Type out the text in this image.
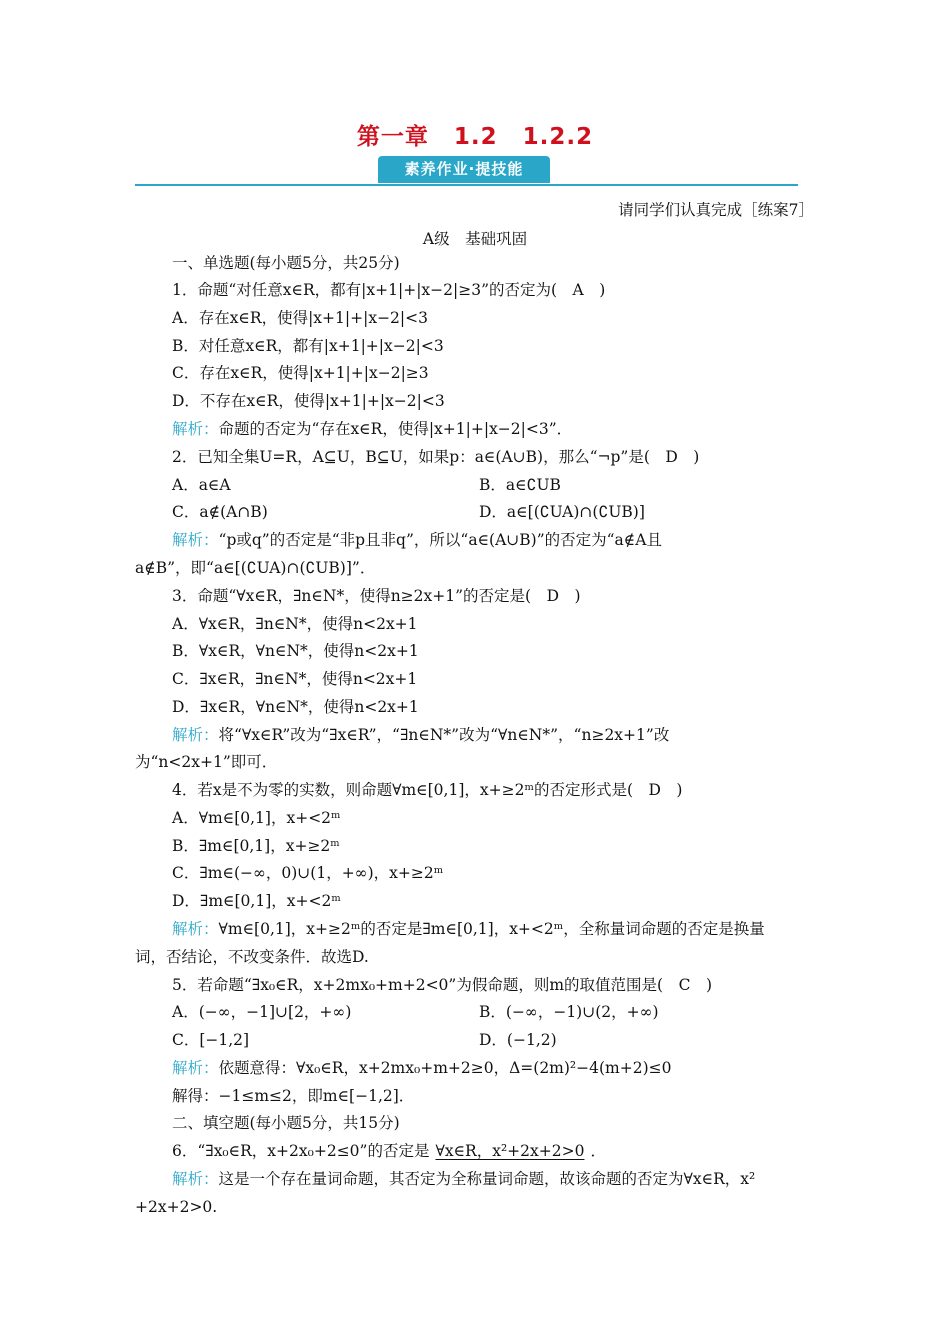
第一章 1.2 1.2.2
素养作业·提技能
请同学们认真完成［练案7］
A级　基础巩固
一、单选题(每小题5分，共25分)
1．命题“对任意x∈R，都有|x+1|+|x−2|≥3”的否定为(　A　)
A．存在x∈R，使得|x+1|+|x−2|<3
B．对任意x∈R，都有|x+1|+|x−2|<3
C．存在x∈R，使得|x+1|+|x−2|≥3
D．不存在x∈R，使得|x+1|+|x−2|<3
解析：命题的否定为“存在x∈R，使得|x+1|+|x−2|<3”．
2．已知全集U=R，A⊆U，B⊆U，如果p：a∈(A∪B)，那么“¬p”是(　D　)
A．a∈A	B．a∈∁UB
C．a∉(A∩B)	D．a∈[(∁UA)∩(∁UB)]
解析：“p或q”的否定是“非p且非q”，所以“a∈(A∪B)”的否定为“a∉A且
a∉B”，即“a∈[(∁UA)∩(∁UB)]”．
3．命题“∀x∈R，∃n∈N*，使得n≥2x+1”的否定是(　D　)
A．∀x∈R，∃n∈N*，使得n<2x+1
B．∀x∈R，∀n∈N*，使得n<2x+1
C．∃x∈R，∃n∈N*，使得n<2x+1
D．∃x∈R，∀n∈N*，使得n<2x+1
解析：将“∀x∈R”改为“∃x∈R”，“∃n∈N*”改为“∀n∈N*”，“n≥2x+1”改
为“n<2x+1”即可．
4．若x是不为零的实数，则命题∀m∈[0,1]，x+≥2ᵐ的否定形式是(　D　)
A．∀m∈[0,1]，x+<2ᵐ
B．∃m∈[0,1]，x+≥2ᵐ
C．∃m∈(−∞，0)∪(1，+∞)，x+≥2ᵐ
D．∃m∈[0,1]，x+<2ᵐ
解析：∀m∈[0,1]，x+≥2ᵐ的否定是∃m∈[0,1]，x+<2ᵐ，全称量词命题的否定是换量
词，否结论，不改变条件．故选D.
5．若命题“∃x₀∈R，x+2mx₀+m+2<0”为假命题，则m的取值范围是(　C　)
A．(−∞，−1]∪[2，+∞)	B．(−∞，−1)∪(2，+∞)
C．[−1,2]	D．(−1,2)
解析：依题意得：∀x₀∈R，x+2mx₀+m+2≥0，Δ=(2m)²−4(m+2)≤0
解得：−1≤m≤2，即m∈[−1,2]．
二、填空题(每小题5分，共15分)
6．“∃x₀∈R，x+2x₀+2≤0”的否定是 ∀x∈R，x²+2x+2>0 ．
解析：这是一个存在量词命题，其否定为全称量词命题，故该命题的否定为∀x∈R，x²
+2x+2>0.
